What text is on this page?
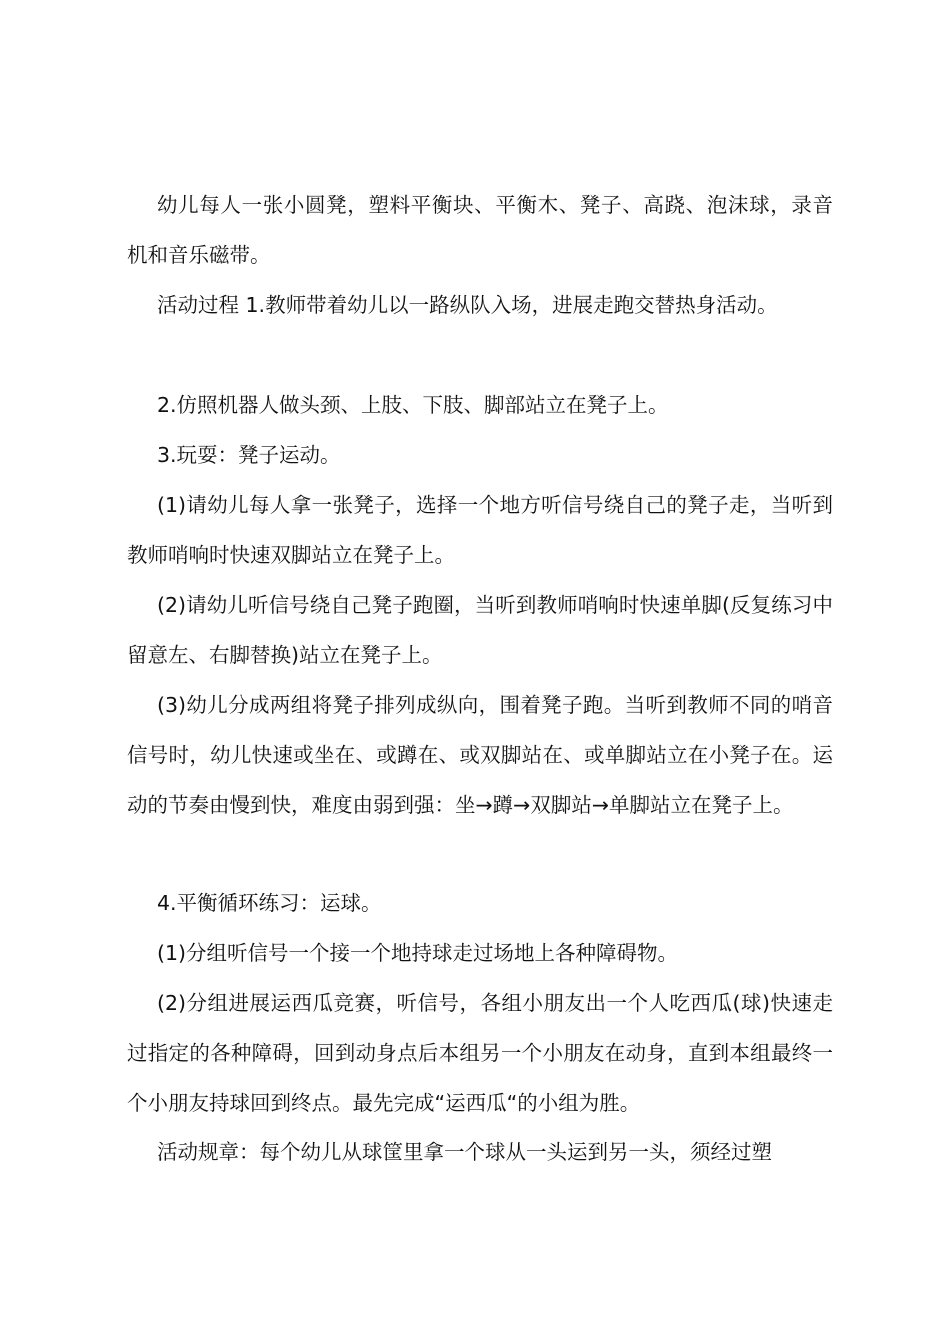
幼儿每人一张小圆凳，塑料平衡块、平衡木、凳子、高跷、泡沫球，录音机和音乐磁带。

活动过程 1.教师带着幼儿以一路纵队入场，进展走跑交替热身活动。

2.仿照机器人做头颈、上肢、下肢、脚部站立在凳子上。

3.玩耍：凳子运动。

(1)请幼儿每人拿一张凳子，选择一个地方听信号绕自己的凳子走，当听到教师哨响时快速双脚站立在凳子上。

(2)请幼儿听信号绕自己凳子跑圈，当听到教师哨响时快速单脚(反复练习中留意左、右脚替换)站立在凳子上。

(3)幼儿分成两组将凳子排列成纵向，围着凳子跑。当听到教师不同的哨音信号时，幼儿快速或坐在、或蹲在、或双脚站在、或单脚站立在小凳子在。运动的节奏由慢到快，难度由弱到强：坐→蹲→双脚站→单脚站立在凳子上。

4.平衡循环练习：运球。

(1)分组听信号一个接一个地持球走过场地上各种障碍物。

(2)分组进展运西瓜竞赛，听信号，各组小朋友出一个人吃西瓜(球)快速走过指定的各种障碍，回到动身点后本组另一个小朋友在动身，直到本组最终一个小朋友持球回到终点。最先完成“运西瓜“的小组为胜。

活动规章：每个幼儿从球筐里拿一个球从一头运到另一头，须经过塑
